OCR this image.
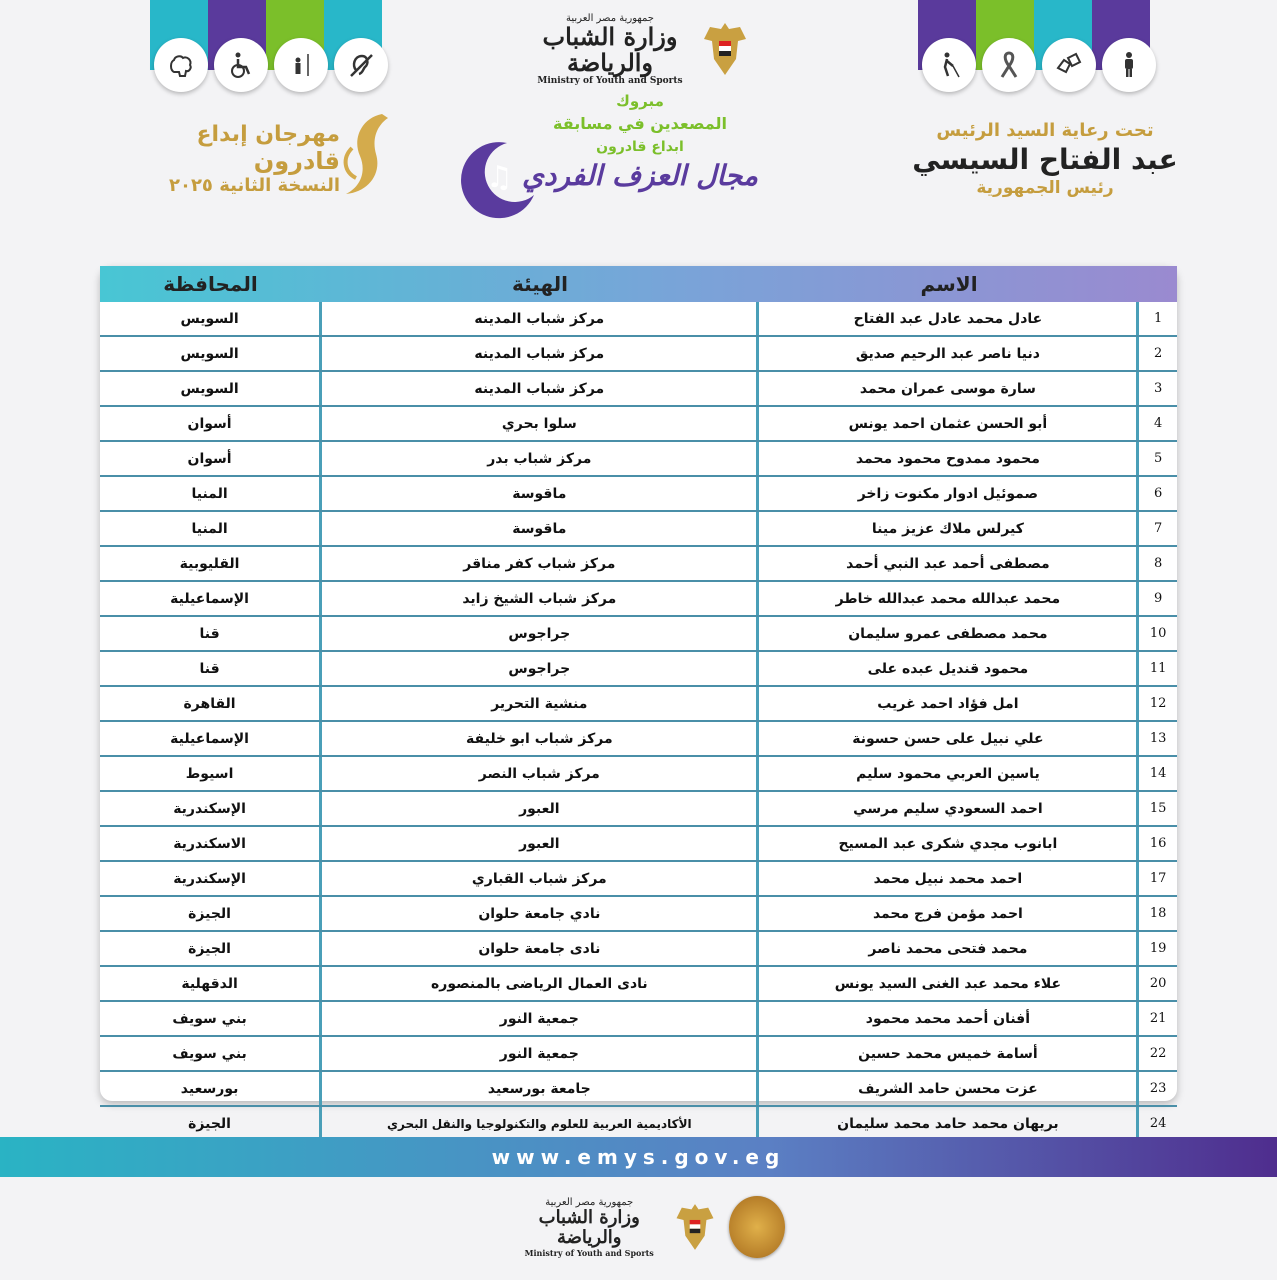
جمهورية مصر العربية
وزارة الشباب والرياضة
Ministry of Youth and Sports
♫
مبروك
المصعدين في مسابقة
ابداع قادرون
مجال العزف الفردي
مهرجان إبداع
قادرون
النسخة الثانية ٢٠٢٥
تحت رعاية السيد الرئيس
عبد الفتاح السيسي
رئيس الجمهورية
الاسم
الهيئة
المحافظة
1
عادل محمد عادل عبد الفتاح
مركز شباب المدينه
السويس
2
دنيا ناصر عبد الرحيم صديق
مركز شباب المدينه
السويس
3
سارة موسى عمران محمد
مركز شباب المدينه
السويس
4
أبو الحسن عثمان احمد يونس
سلوا بحري
أسوان
5
محمود ممدوح محمود محمد
مركز شباب بدر
أسوان
6
صموئيل ادوار مكنوت زاخر
ماقوسة
المنيا
7
كيرلس ملاك عزيز مينا
ماقوسة
المنيا
8
مصطفى أحمد عبد النبي أحمد
مركز شباب كفر مناقر
القليوبية
9
محمد عبدالله محمد عبدالله خاطر
مركز شباب الشيخ زايد
الإسماعيلية
10
محمد مصطفى عمرو سليمان
جراجوس
قنا
11
محمود قنديل عبده على
جراجوس
قنا
12
امل فؤاد احمد غريب
منشية التحرير
القاهرة
13
علي نبيل على حسن حسونة
مركز شباب ابو خليفة
الإسماعيلية
14
ياسين العربي محمود سليم
مركز شباب النصر
اسيوط
15
احمد السعودي سليم مرسي
العبور
الإسكندرية
16
ابانوب مجدي شكرى عبد المسيح
العبور
الاسكندرية
17
احمد محمد نبيل محمد
مركز شباب القباري
الإسكندرية
18
احمد مؤمن فرج محمد
نادي جامعة حلوان
الجيزة
19
محمد فتحى محمد ناصر
نادى جامعة حلوان
الجيزة
20
علاء محمد عبد الغنى السيد يونس
نادى العمال الرياضى بالمنصوره
الدقهلية
21
أفنان أحمد محمد محمود
جمعية النور
بني سويف
22
أسامة خميس محمد حسين
جمعية النور
بني سويف
23
عزت محسن حامد الشريف
جامعة بورسعيد
بورسعيد
24
بريهان محمد حامد محمد سليمان
الأكاديمية العربية للعلوم والتكنولوجيا والنقل البحري
الجيزة
www.emys.gov.eg
جمهورية مصر العربية
وزارة الشباب والرياضة
Ministry of Youth and Sports
